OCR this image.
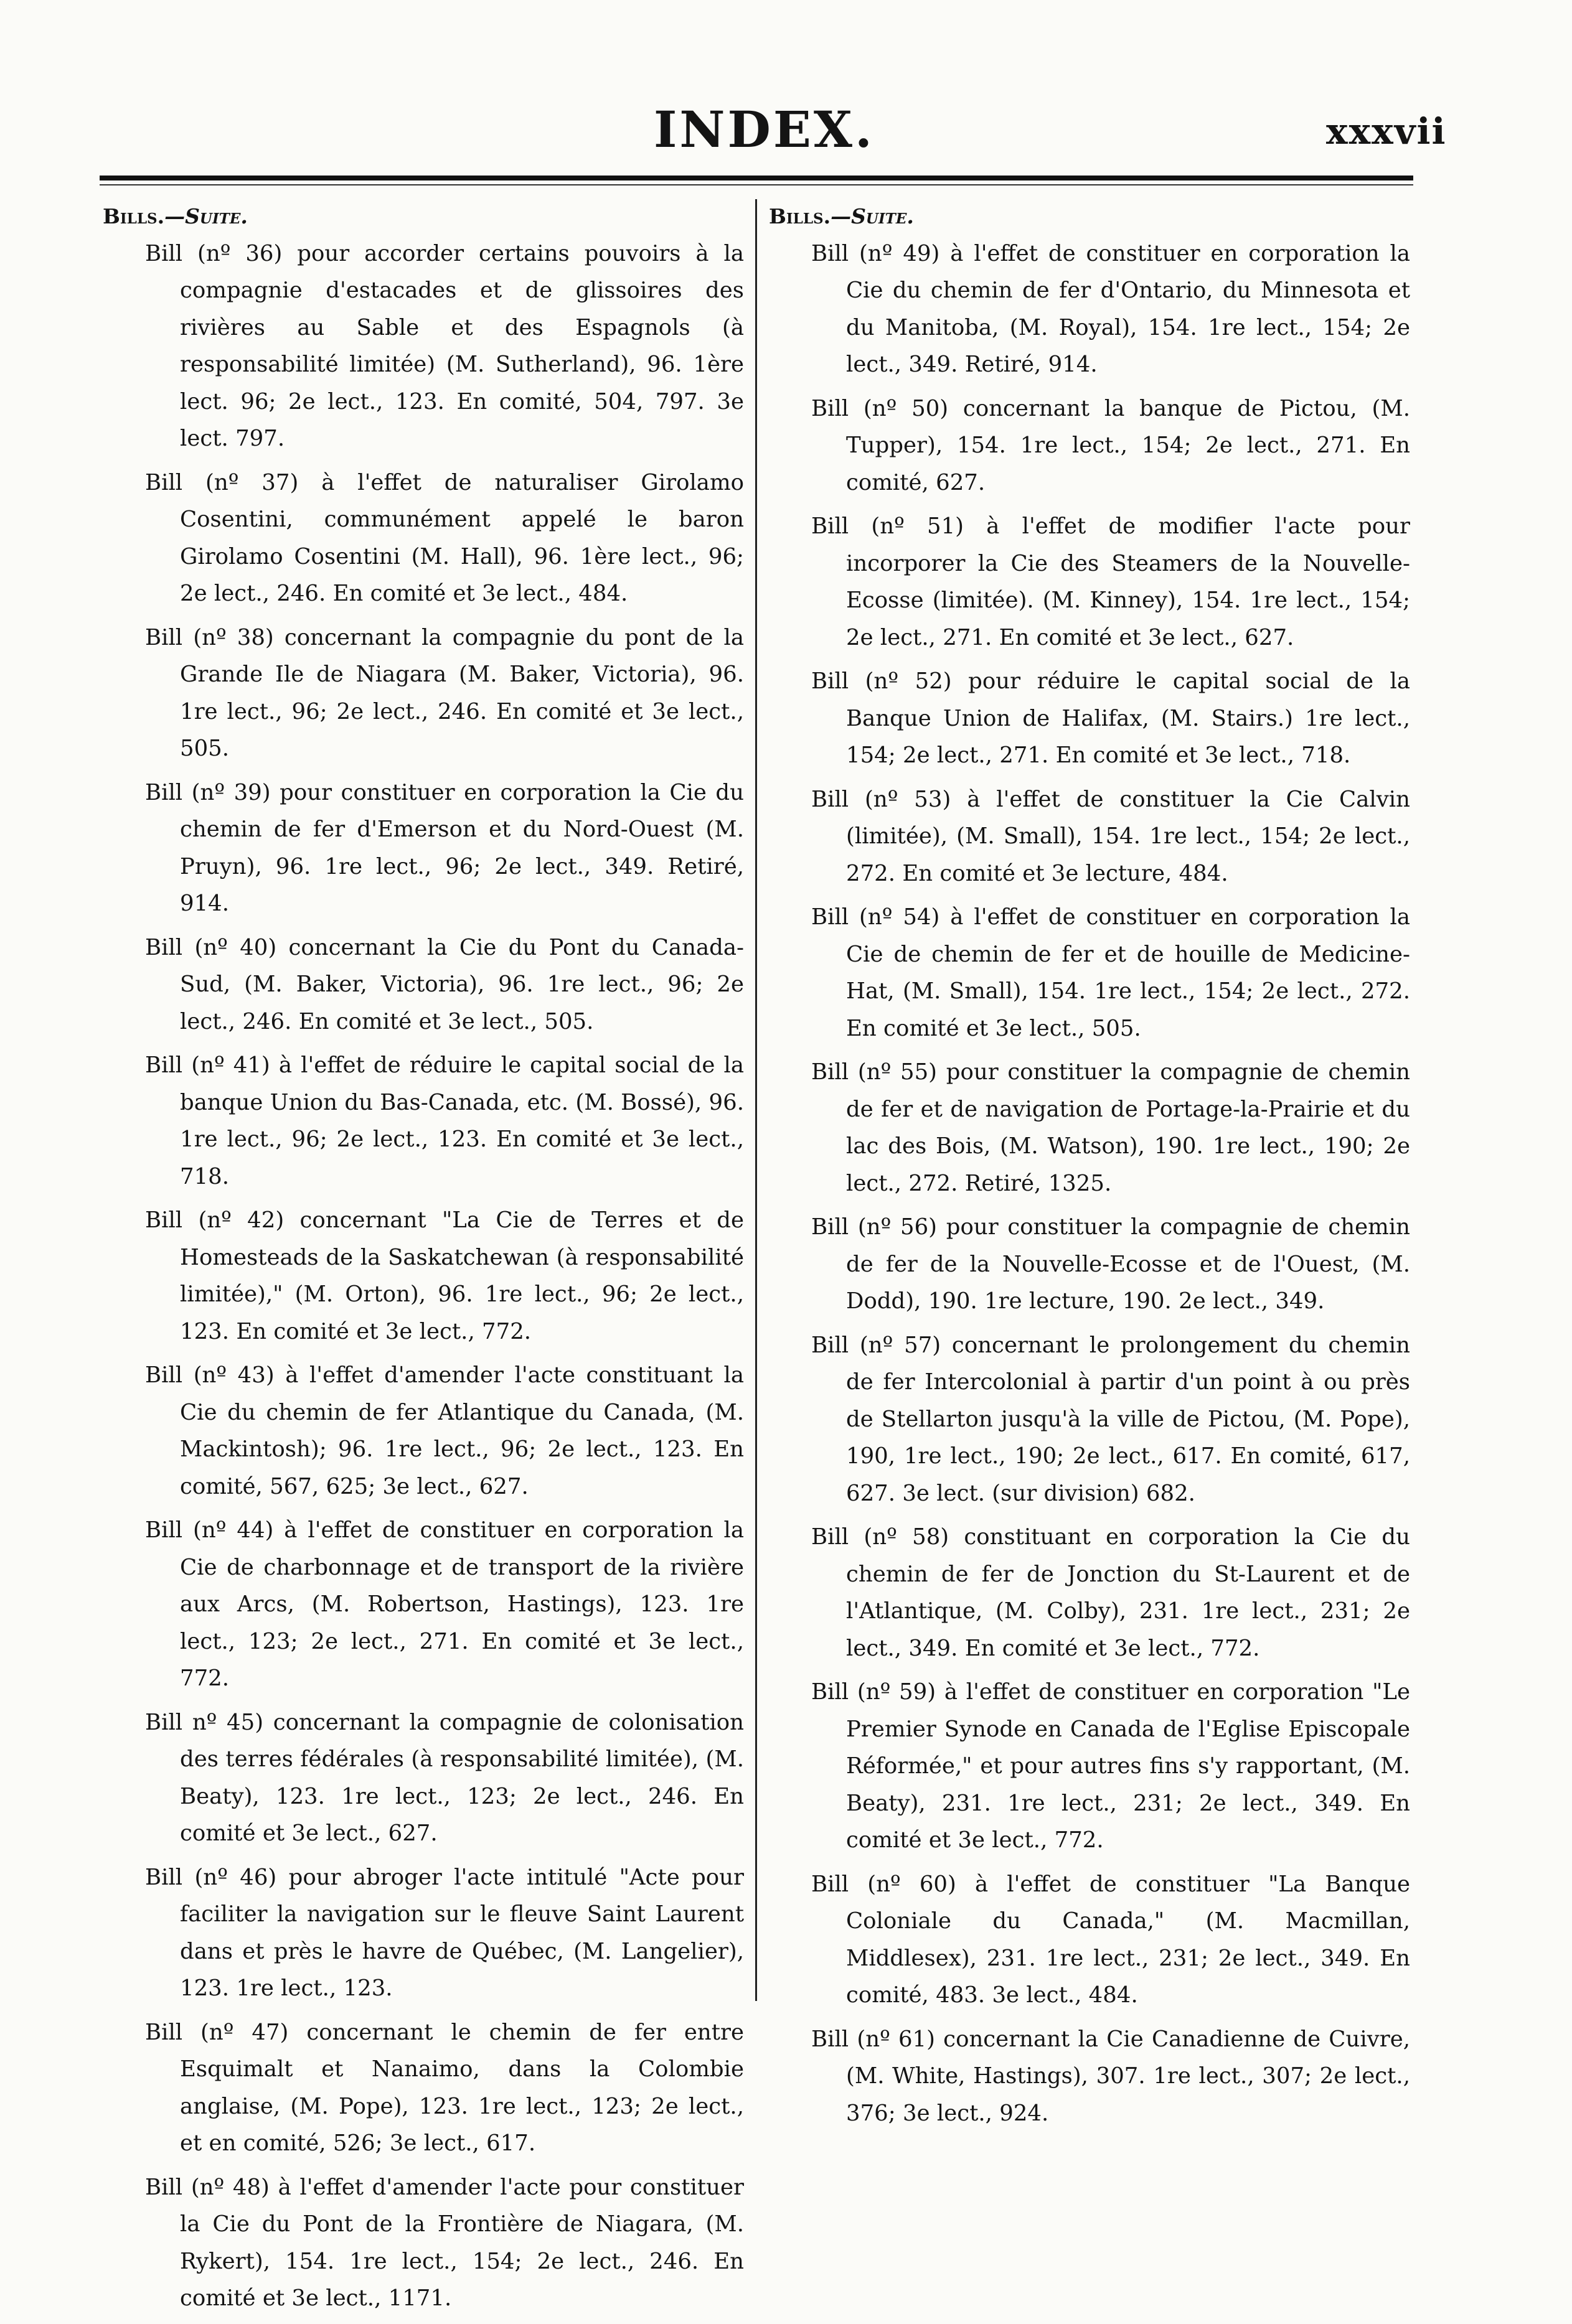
INDEX.	xxxvii
Bills.—Suite.
Bill (nº 36) pour accorder certains pouvoirs à la compagnie d'estacades et de glissoires des rivières au Sable et des Espagnols (à responsabilité limitée) (M. Sutherland), 96. 1ère lect. 96; 2e lect., 123. En comité, 504, 797. 3e lect. 797.
Bill (nº 37) à l'effet de naturaliser Girolamo Cosentini, communément appelé le baron Girolamo Cosentini (M. Hall), 96. 1ère lect., 96; 2e lect., 246. En comité et 3e lect., 484.
Bill (nº 38) concernant la compagnie du pont de la Grande Ile de Niagara (M. Baker, Victoria), 96. 1re lect., 96; 2e lect., 246. En comité et 3e lect., 505.
Bill (nº 39) pour constituer en corporation la Cie du chemin de fer d'Emerson et du Nord-Ouest (M. Pruyn), 96. 1re lect., 96; 2e lect., 349. Retiré, 914.
Bill (nº 40) concernant la Cie du Pont du Canada-Sud, (M. Baker, Victoria), 96. 1re lect., 96; 2e lect., 246. En comité et 3e lect., 505.
Bill (nº 41) à l'effet de réduire le capital social de la banque Union du Bas-Canada, etc. (M. Bossé), 96. 1re lect., 96; 2e lect., 123. En comité et 3e lect., 718.
Bill (nº 42) concernant "La Cie de Terres et de Homesteads de la Saskatchewan (à responsabilité limitée)," (M. Orton), 96. 1re lect., 96; 2e lect., 123. En comité et 3e lect., 772.
Bill (nº 43) à l'effet d'amender l'acte constituant la Cie du chemin de fer Atlantique du Canada, (M. Mackintosh); 96. 1re lect., 96; 2e lect., 123. En comité, 567, 625; 3e lect., 627.
Bill (nº 44) à l'effet de constituer en corporation la Cie de charbonnage et de transport de la rivière aux Arcs, (M. Robertson, Hastings), 123. 1re lect., 123; 2e lect., 271. En comité et 3e lect., 772.
Bill nº 45) concernant la compagnie de colonisation des terres fédérales (à responsabilité limitée), (M. Beaty), 123. 1re lect., 123; 2e lect., 246. En comité et 3e lect., 627.
Bill (nº 46) pour abroger l'acte intitulé "Acte pour faciliter la navigation sur le fleuve Saint Laurent dans et près le havre de Québec, (M. Langelier), 123. 1re lect., 123.
Bill (nº 47) concernant le chemin de fer entre Esquimalt et Nanaimo, dans la Colombie anglaise, (M. Pope), 123. 1re lect., 123; 2e lect., et en comité, 526; 3e lect., 617.
Bill (nº 48) à l'effet d'amender l'acte pour constituer la Cie du Pont de la Frontière de Niagara, (M. Rykert), 154. 1re lect., 154; 2e lect., 246. En comité et 3e lect., 1171.
Bills.—Suite.
Bill (nº 49) à l'effet de constituer en corporation la Cie du chemin de fer d'Ontario, du Minnesota et du Manitoba, (M. Royal), 154. 1re lect., 154; 2e lect., 349. Retiré, 914.
Bill (nº 50) concernant la banque de Pictou, (M. Tupper), 154. 1re lect., 154; 2e lect., 271. En comité, 627.
Bill (nº 51) à l'effet de modifier l'acte pour incorporer la Cie des Steamers de la Nouvelle-Ecosse (limitée). (M. Kinney), 154. 1re lect., 154; 2e lect., 271. En comité et 3e lect., 627.
Bill (nº 52) pour réduire le capital social de la Banque Union de Halifax, (M. Stairs.) 1re lect., 154; 2e lect., 271. En comité et 3e lect., 718.
Bill (nº 53) à l'effet de constituer la Cie Calvin (limitée), (M. Small), 154. 1re lect., 154; 2e lect., 272. En comité et 3e lecture, 484.
Bill (nº 54) à l'effet de constituer en corporation la Cie de chemin de fer et de houille de Medicine-Hat, (M. Small), 154. 1re lect., 154; 2e lect., 272. En comité et 3e lect., 505.
Bill (nº 55) pour constituer la compagnie de chemin de fer et de navigation de Portage-la-Prairie et du lac des Bois, (M. Watson), 190. 1re lect., 190; 2e lect., 272. Retiré, 1325.
Bill (nº 56) pour constituer la compagnie de chemin de fer de la Nouvelle-Ecosse et de l'Ouest, (M. Dodd), 190. 1re lecture, 190. 2e lect., 349.
Bill (nº 57) concernant le prolongement du chemin de fer Intercolonial à partir d'un point à ou près de Stellarton jusqu'à la ville de Pictou, (M. Pope), 190, 1re lect., 190; 2e lect., 617. En comité, 617, 627. 3e lect. (sur division) 682.
Bill (nº 58) constituant en corporation la Cie du chemin de fer de Jonction du St-Laurent et de l'Atlantique, (M. Colby), 231. 1re lect., 231; 2e lect., 349. En comité et 3e lect., 772.
Bill (nº 59) à l'effet de constituer en corporation "Le Premier Synode en Canada de l'Eglise Episcopale Réformée," et pour autres fins s'y rapportant, (M. Beaty), 231. 1re lect., 231; 2e lect., 349. En comité et 3e lect., 772.
Bill (nº 60) à l'effet de constituer "La Banque Coloniale du Canada," (M. Macmillan, Middlesex), 231. 1re lect., 231; 2e lect., 349. En comité, 483. 3e lect., 484.
Bill (nº 61) concernant la Cie Canadienne de Cuivre, (M. White, Hastings), 307. 1re lect., 307; 2e lect., 376; 3e lect., 924.
